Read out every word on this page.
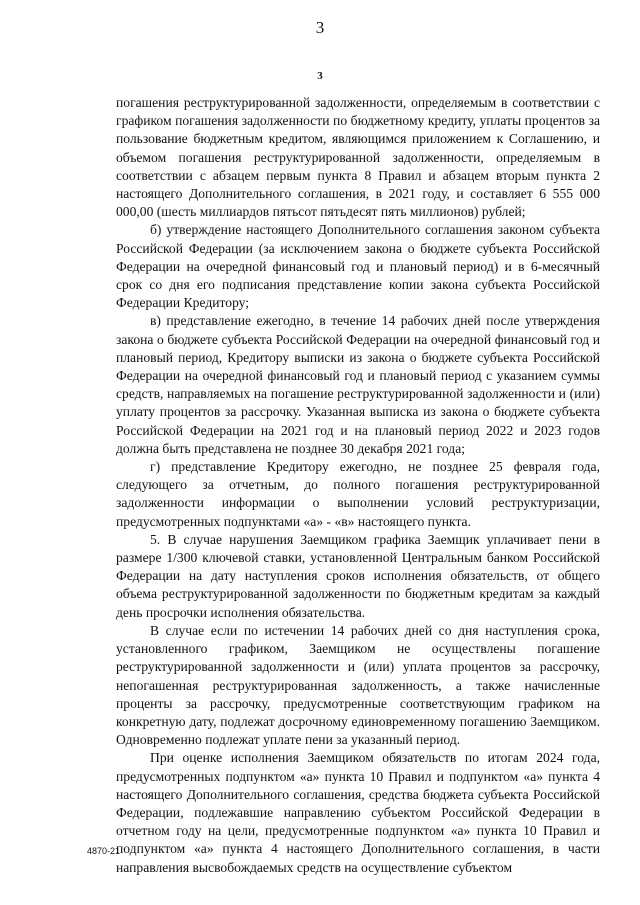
3
3

погашения реструктурированной задолженности, определяемым в соответствии с графиком погашения задолженности по бюджетному кредиту, уплаты процентов за пользование бюджетным кредитом, являющимся приложением к Соглашению, и объемом погашения реструктурированной задолженности, определяемым в соответствии с абзацем первым пункта 8 Правил и абзацем вторым пункта 2 настоящего Дополнительного соглашения, в 2021 году, и составляет 6 555 000 000,00 (шесть миллиардов пятьсот пятьдесят пять миллионов) рублей;

б) утверждение настоящего Дополнительного соглашения законом субъекта Российской Федерации (за исключением закона о бюджете субъекта Российской Федерации на очередной финансовый год и плановый период) и в 6-месячный срок со дня его подписания представление копии закона субъекта Российской Федерации Кредитору;

в) представление ежегодно, в течение 14 рабочих дней после утверждения закона о бюджете субъекта Российской Федерации на очередной финансовый год и плановый период, Кредитору выписки из закона о бюджете субъекта Российской Федерации на очередной финансовый год и плановый период с указанием суммы средств, направляемых на погашение реструктурированной задолженности и (или) уплату процентов за рассрочку. Указанная выписка из закона о бюджете субъекта Российской Федерации на 2021 год и на плановый период 2022 и 2023 годов должна быть представлена не позднее 30 декабря 2021 года;

г) представление Кредитору ежегодно, не позднее 25 февраля года, следующего за отчетным, до полного погашения реструктурированной задолженности информации о выполнении условий реструктуризации, предусмотренных подпунктами «а» - «в» настоящего пункта.

5. В случае нарушения Заемщиком графика Заемщик уплачивает пени в размере 1/300 ключевой ставки, установленной Центральным банком Российской Федерации на дату наступления сроков исполнения обязательств, от общего объема реструктурированной задолженности по бюджетным кредитам за каждый день просрочки исполнения обязательства.

В случае если по истечении 14 рабочих дней со дня наступления срока, установленного графиком, Заемщиком не осуществлены погашение реструктурированной задолженности и (или) уплата процентов за рассрочку, непогашенная реструктурированная задолженность, а также начисленные проценты за рассрочку, предусмотренные соответствующим графиком на конкретную дату, подлежат досрочному единовременному погашению Заемщиком. Одновременно подлежат уплате пени за указанный период.

При оценке исполнения Заемщиком обязательств по итогам 2024 года, предусмотренных подпунктом «а» пункта 10 Правил и подпунктом «а» пункта 4 настоящего Дополнительного соглашения, средства бюджета субъекта Российской Федерации, подлежавшие направлению субъектом Российской Федерации в отчетном году на цели, предусмотренные подпунктом «а» пункта 10 Правил и подпунктом «а» пункта 4 настоящего Дополнительного соглашения, в части направления высвобождаемых средств на осуществление субъектом

4870-21
